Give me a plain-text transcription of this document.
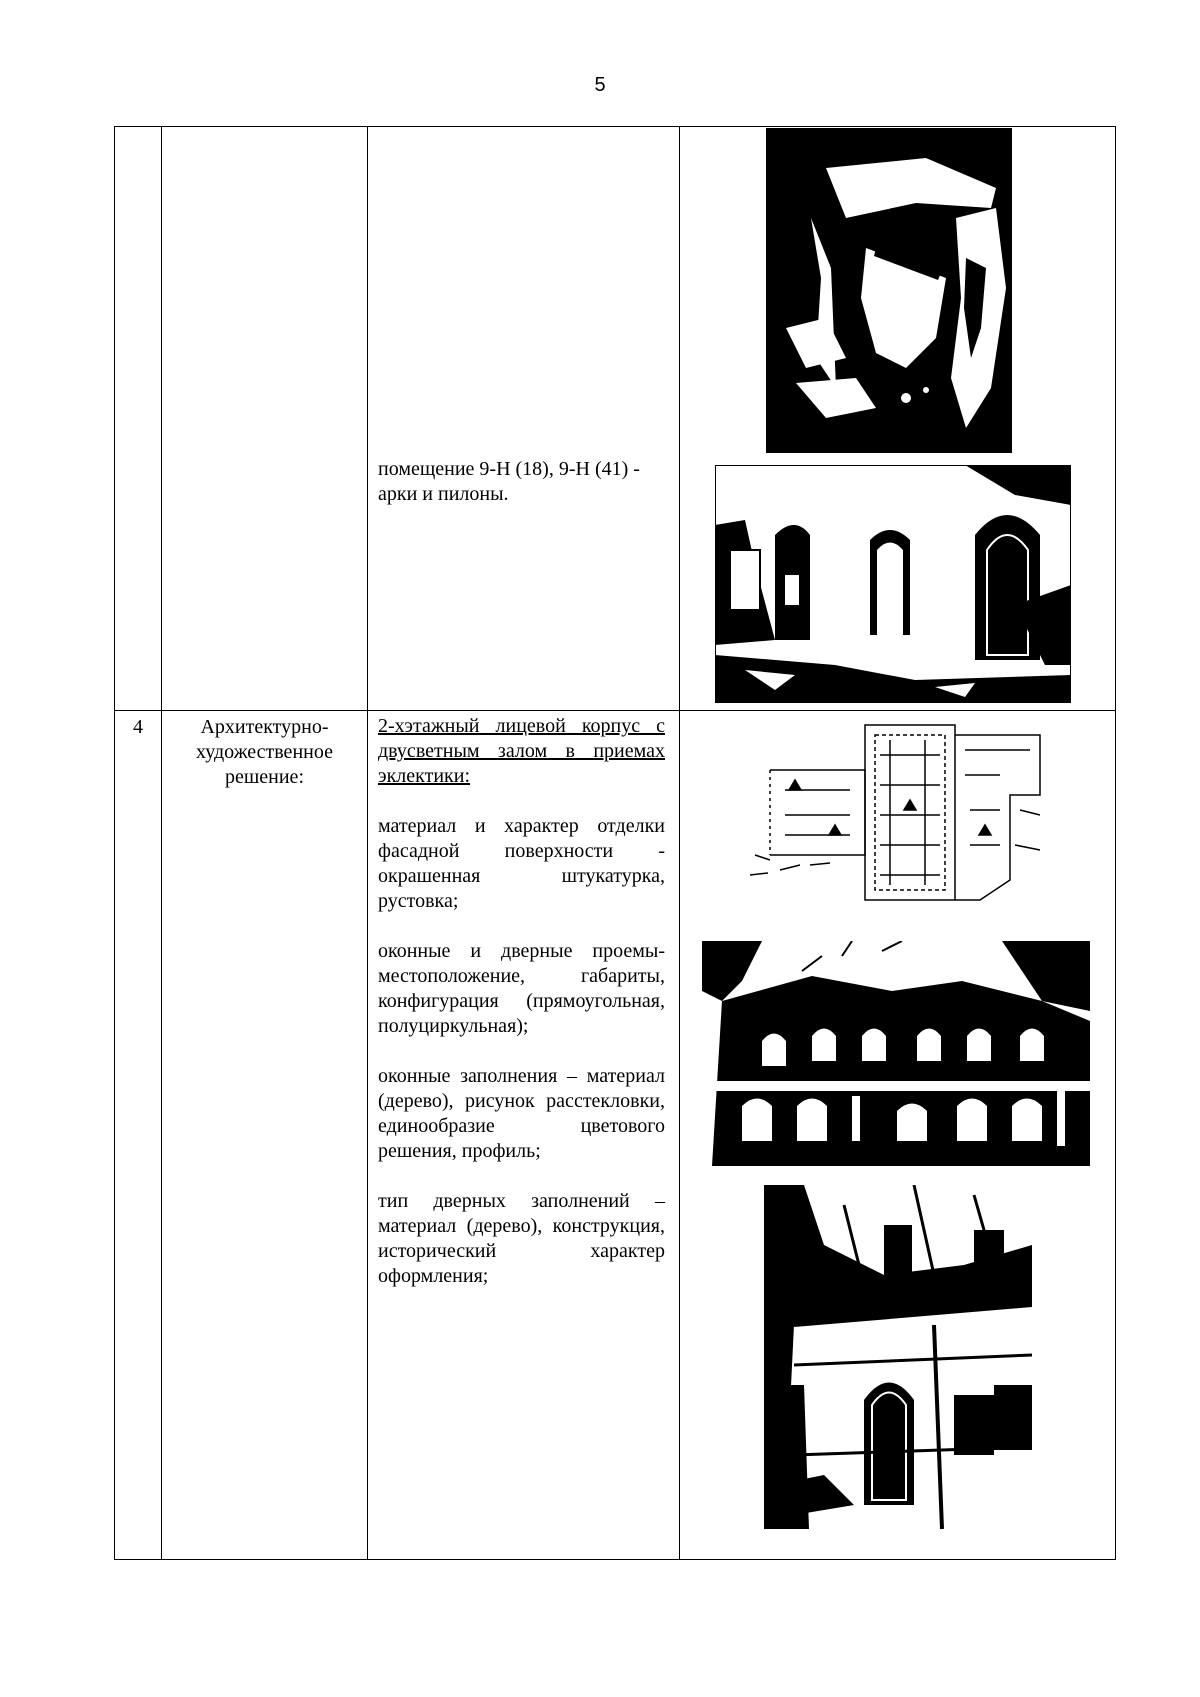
5

		помещение 9-Н (18), 9-Н (41) - арки и пилоны.

4	Архитектурно-художественное решение:	2-хэтажный лицевой корпус с двусветным залом в приемах эклектики:
материал и характер отделки фасадной поверхности - окрашенная штукатурка, рустовка;
оконные и дверные проемы-местоположение, габариты, конфигурация (прямоугольная, полуциркульная);
оконные заполнения – материал (дерево), рисунок расстекловки, единообразие цветового решения, профиль;
тип дверных заполнений – материал (дерево), конструкция, исторический характер оформления;
